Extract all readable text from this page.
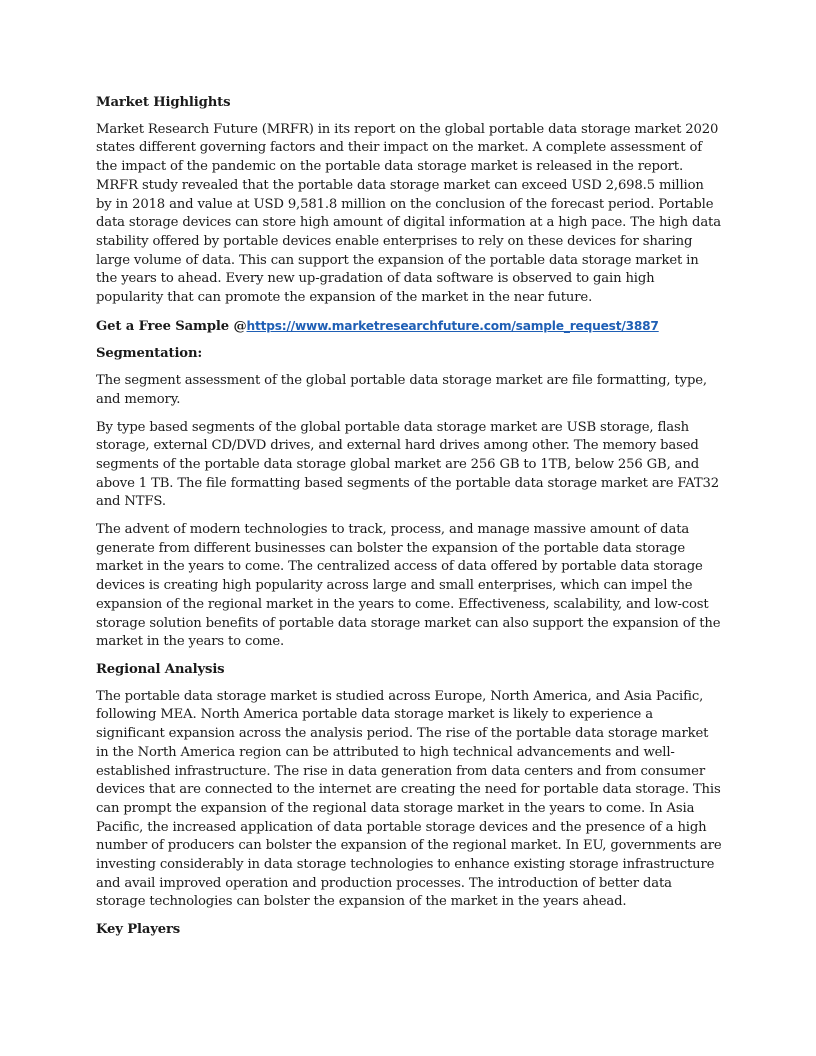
Market Highlights

Market Research Future (MRFR) in its report on the global portable data storage market 2020 states different governing factors and their impact on the market. A complete assessment of the impact of the pandemic on the portable data storage market is released in the report. MRFR study revealed that the portable data storage market can exceed USD 2,698.5 million by in 2018 and value at USD 9,581.8 million on the conclusion of the forecast period. Portable data storage devices can store high amount of digital information at a high pace. The high data stability offered by portable devices enable enterprises to rely on these devices for sharing large volume of data. This can support the expansion of the portable data storage market in the years to ahead. Every new up-gradation of data software is observed to gain high popularity that can promote the expansion of the market in the near future.

Get a Free Sample @https://www.marketresearchfuture.com/sample_request/3887

Segmentation:

The segment assessment of the global portable data storage market are file formatting, type, and memory.

By type based segments of the global portable data storage market are USB storage, flash storage, external CD/DVD drives, and external hard drives among other. The memory based segments of the portable data storage global market are 256 GB to 1TB, below 256 GB, and above 1 TB. The file formatting based segments of the portable data storage market are FAT32 and NTFS.

The advent of modern technologies to track, process, and manage massive amount of data generate from different businesses can bolster the expansion of the portable data storage market in the years to come. The centralized access of data offered by portable data storage devices is creating high popularity across large and small enterprises, which can impel the expansion of the regional market in the years to come. Effectiveness, scalability, and low-cost storage solution benefits of portable data storage market can also support the expansion of the market in the years to come.

Regional Analysis

The portable data storage market is studied across Europe, North America, and Asia Pacific, following MEA. North America portable data storage market is likely to experience a significant expansion across the analysis period. The rise of the portable data storage market in the North America region can be attributed to high technical advancements and well-established infrastructure. The rise in data generation from data centers and from consumer devices that are connected to the internet are creating the need for portable data storage. This can prompt the expansion of the regional data storage market in the years to come. In Asia Pacific, the increased application of data portable storage devices and the presence of a high number of producers can bolster the expansion of the regional market. In EU, governments are investing considerably in data storage technologies to enhance existing storage infrastructure and avail improved operation and production processes. The introduction of better data storage technologies can bolster the expansion of the market in the years ahead.

Key Players
